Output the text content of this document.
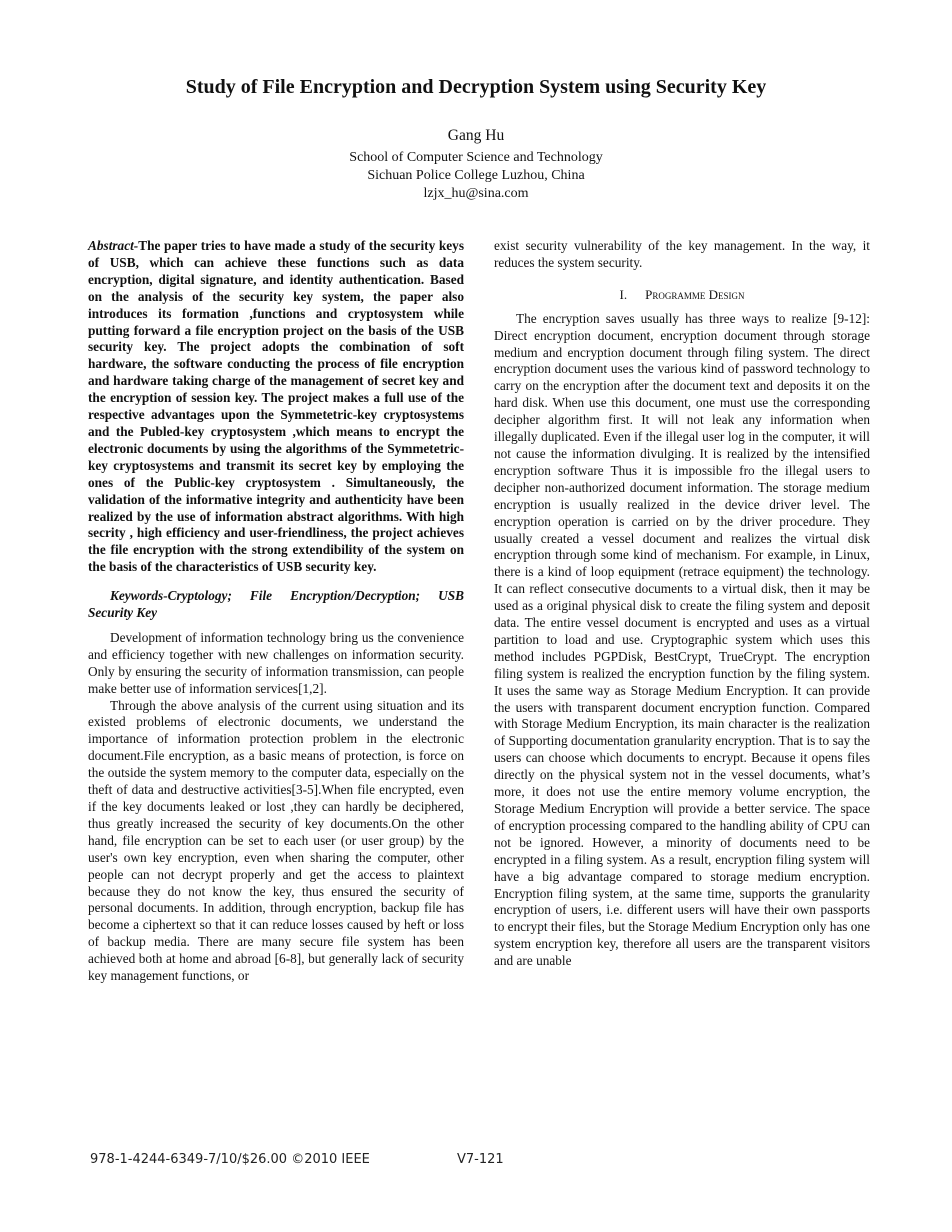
Study of File Encryption and Decryption System using Security Key
Gang Hu
School of Computer Science and Technology
Sichuan Police College Luzhou, China
lzjx_hu@sina.com

Abstract-The paper tries to have made a study of the security keys of USB, which can achieve these functions such as data encryption, digital signature, and identity authentication. Based on the analysis of the security key system, the paper also introduces its formation ,functions and cryptosystem while putting forward a file encryption project on the basis of the USB security key. The project adopts the combination of soft hardware, the software conducting the process of file encryption and hardware taking charge of the management of secret key and the encryption of session key. The project makes a full use of the respective advantages upon the Symmetetric-key cryptosystems and the Publed-key cryptosystem ,which means to encrypt the electronic documents by using the algorithms of the Symmetetric-key cryptosystems and transmit its secret key by employing the ones of the Public-key cryptosystem . Simultaneously, the validation of the informative integrity and authenticity have been realized by the use of information abstract algorithms. With high secrity , high efficiency and user-friendliness, the project achieves the file encryption with the strong extendibility of the system on the basis of the characteristics of USB security key.

Keywords-Cryptology; File Encryption/Decryption; USB Security Key

Development of information technology bring us the convenience and efficiency together with new challenges on information security. Only by ensuring the security of information transmission, can people make better use of information services[1,2].

Through the above analysis of the current using situation and its existed problems of electronic documents, we understand the importance of information protection problem in the electronic document.File encryption, as a basic means of protection, is force on the outside the system memory to the computer data, especially on the theft of data and destructive activities[3-5].When file encrypted, even if the key documents leaked or lost ,they can hardly be deciphered, thus greatly increased the security of key documents.On the other hand, file encryption can be set to each user (or user group) by the user's own key encryption, even when sharing the computer, other people can not decrypt properly and get the access to plaintext because they do not know the key, thus ensured the security of personal documents. In addition, through encryption, backup file has become a ciphertext so that it can reduce losses caused by heft or loss of backup media. There are many secure file system has been achieved both at home and abroad [6-8], but generally lack of security key management functions, or

exist security vulnerability of the key management. In the way, it reduces the system security.

I. Programme Design

The encryption saves usually has three ways to realize [9-12]: Direct encryption document, encryption document through storage medium and encryption document through filing system. The direct encryption document uses the various kind of password technology to carry on the encryption after the document text and deposits it on the hard disk. When use this document, one must use the corresponding decipher algorithm first. It will not leak any information when illegally duplicated. Even if the illegal user log in the computer, it will not cause the information divulging. It is realized by the intensified encryption software Thus it is impossible fro the illegal users to decipher non-authorized document information. The storage medium encryption is usually realized in the device driver level. The encryption operation is carried on by the driver procedure. They usually created a vessel document and realizes the virtual disk encryption through some kind of mechanism. For example, in Linux, there is a kind of loop equipment (retrace equipment) the technology. It can reflect consecutive documents to a virtual disk, then it may be used as a original physical disk to create the filing system and deposit data. The entire vessel document is encrypted and uses as a virtual partition to load and use. Cryptographic system which uses this method includes PGPDisk, BestCrypt, TrueCrypt. The encryption filing system is realized the encryption function by the filing system. It uses the same way as Storage Medium Encryption. It can provide the users with transparent document encryption function. Compared with Storage Medium Encryption, its main character is the realization of Supporting documentation granularity encryption. That is to say the users can choose which documents to encrypt. Because it opens files directly on the physical system not in the vessel documents, what’s more, it does not use the entire memory volume encryption, the Storage Medium Encryption will provide a better service. The space of encryption processing compared to the handling ability of CPU can not be ignored. However, a minority of documents need to be encrypted in a filing system. As a result, encryption filing system will have a big advantage compared to storage medium encryption. Encryption filing system, at the same time, supports the granularity encryption of users, i.e. different users will have their own passports to encrypt their files, but the Storage Medium Encryption only has one system encryption key, therefore all users are the transparent visitors and are unable

978-1-4244-6349-7/10/$26.00 ©2010 IEEE	V7-121
